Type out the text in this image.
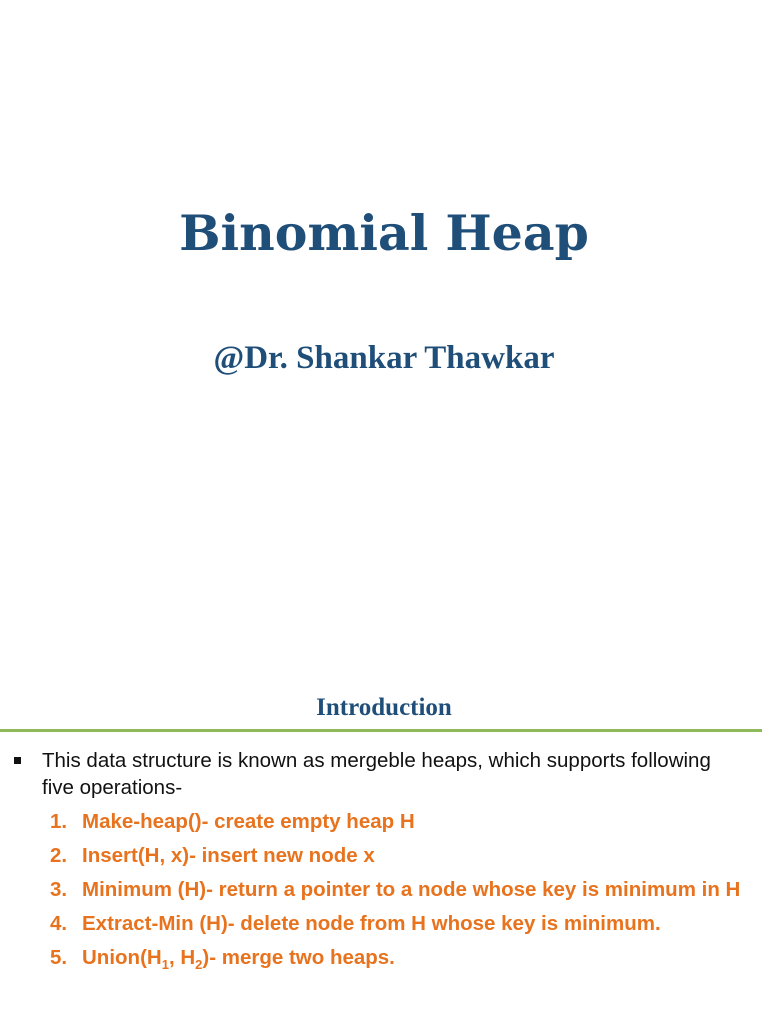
Binomial Heap
@Dr. Shankar Thawkar
Introduction
This data structure is known as mergeble heaps, which supports following five operations-
1. Make-heap()- create empty heap H
2. Insert(H, x)- insert new node x
3. Minimum (H)- return a pointer to a node whose key is minimum in H
4. Extract-Min (H)- delete node from H whose key is minimum.
5. $Union(H_1$, $H_2)-$ merge two heaps.
